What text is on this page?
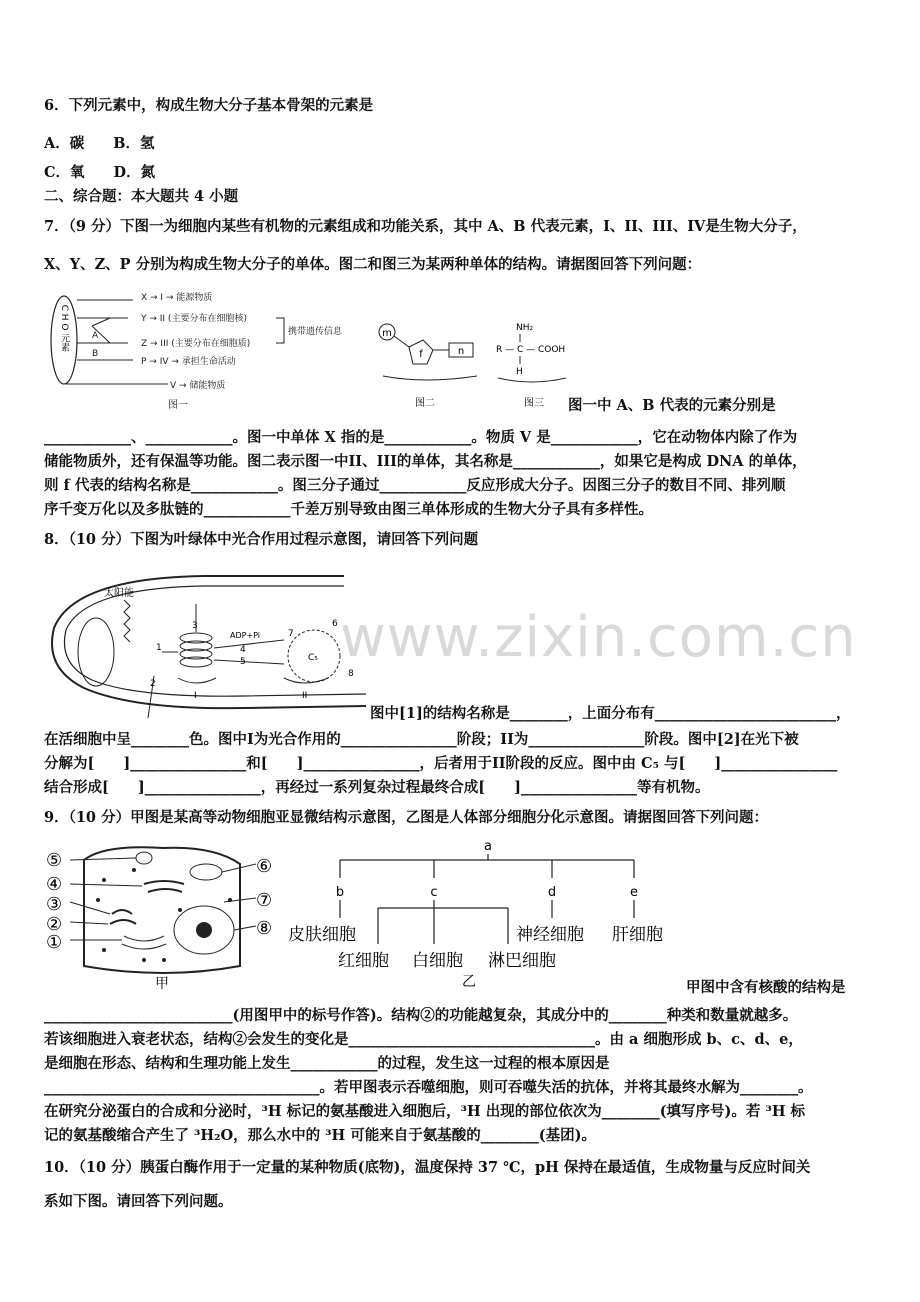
www.zixin.com.cn
6．下列元素中，构成生物大分子基本骨架的元素是
A．碳　　B．氢
C．氧　　D．氮
二、综合题：本大题共 4 小题
7．（9 分）下图一为细胞内某些有机物的元素组成和功能关系，其中 A、B 代表元素，I、II、III、IV是生物大分子，
X、Y、Z、P 分别为构成生物大分子的单体。图二和图三为某两种单体的结构。请据图回答下列问题：
C H O 元素
X → I → 能源物质
Y → II (主要分布在细胞核)
Z → III (主要分布在细胞质)
携带遗传信息
P → IV → 承担生命活动
V → 储能物质
A
B
图一
m
f	n
图二
NH₂
R — C — COOH
H
图三 图一中 A、B 代表的元素分别是
____________、____________。图一中单体 X 指的是____________。物质 V 是____________，它在动物体内除了作为
储能物质外，还有保温等功能。图二表示图一中II、III的单体，其名称是____________，如果它是构成 DNA 的单体，
则 f 代表的结构名称是____________。图三分子通过____________反应形成大分子。因图三分子的数目不同、排列顺
序千变万化以及多肽链的____________千差万别导致由图三单体形成的生物大分子具有多样性。
8．（10 分）下图为叶绿体中光合作用过程示意图，请回答下列问题
太阳能
ADP+Pi
C₅
1
2
3
4
5
6
7
8
I	II
图中[1]的结构名称是________，上面分布有_________________________，
在活细胞中呈________色。图中I为光合作用的________________阶段；II为________________阶段。图中[2]在光下被
分解为[　　]________________和[　　]________________，后者用于II阶段的反应。图中由 C₅ 与[　　]________________
结合形成[　　]________________，再经过一系列复杂过程最终合成[　　]________________等有机物。
9．（10 分）甲图是某高等动物细胞亚显微结构示意图，乙图是人体部分细胞分化示意图。请据图回答下列问题：
⑤
④
③
②
①
⑥
⑦
⑧
甲
a
b	c	d	e
皮肤细胞	神经细胞 肝细胞
红细胞 白细胞 淋巴细胞
乙	甲图中含有核酸的结构是
__________________________(用图甲中的标号作答)。结构②的功能越复杂，其成分中的________种类和数量就越多。
若该细胞进入衰老状态，结构②会发生的变化是__________________________________。由 a 细胞形成 b、c、d、e，
是细胞在形态、结构和生理功能上发生____________的过程，发生这一过程的根本原因是
______________________________________。若甲图表示吞噬细胞，则可吞噬失活的抗体，并将其最终水解为________。
在研究分泌蛋白的合成和分泌时，³H 标记的氨基酸进入细胞后，³H 出现的部位依次为________(填写序号)。若 ³H 标
记的氨基酸缩合产生了 ³H₂O，那么水中的 ³H 可能来自于氨基酸的________(基团)。
10．（10 分）胰蛋白酶作用于一定量的某种物质(底物)，温度保持 37 ℃，pH 保持在最适值，生成物量与反应时间关
系如下图。请回答下列问题。
